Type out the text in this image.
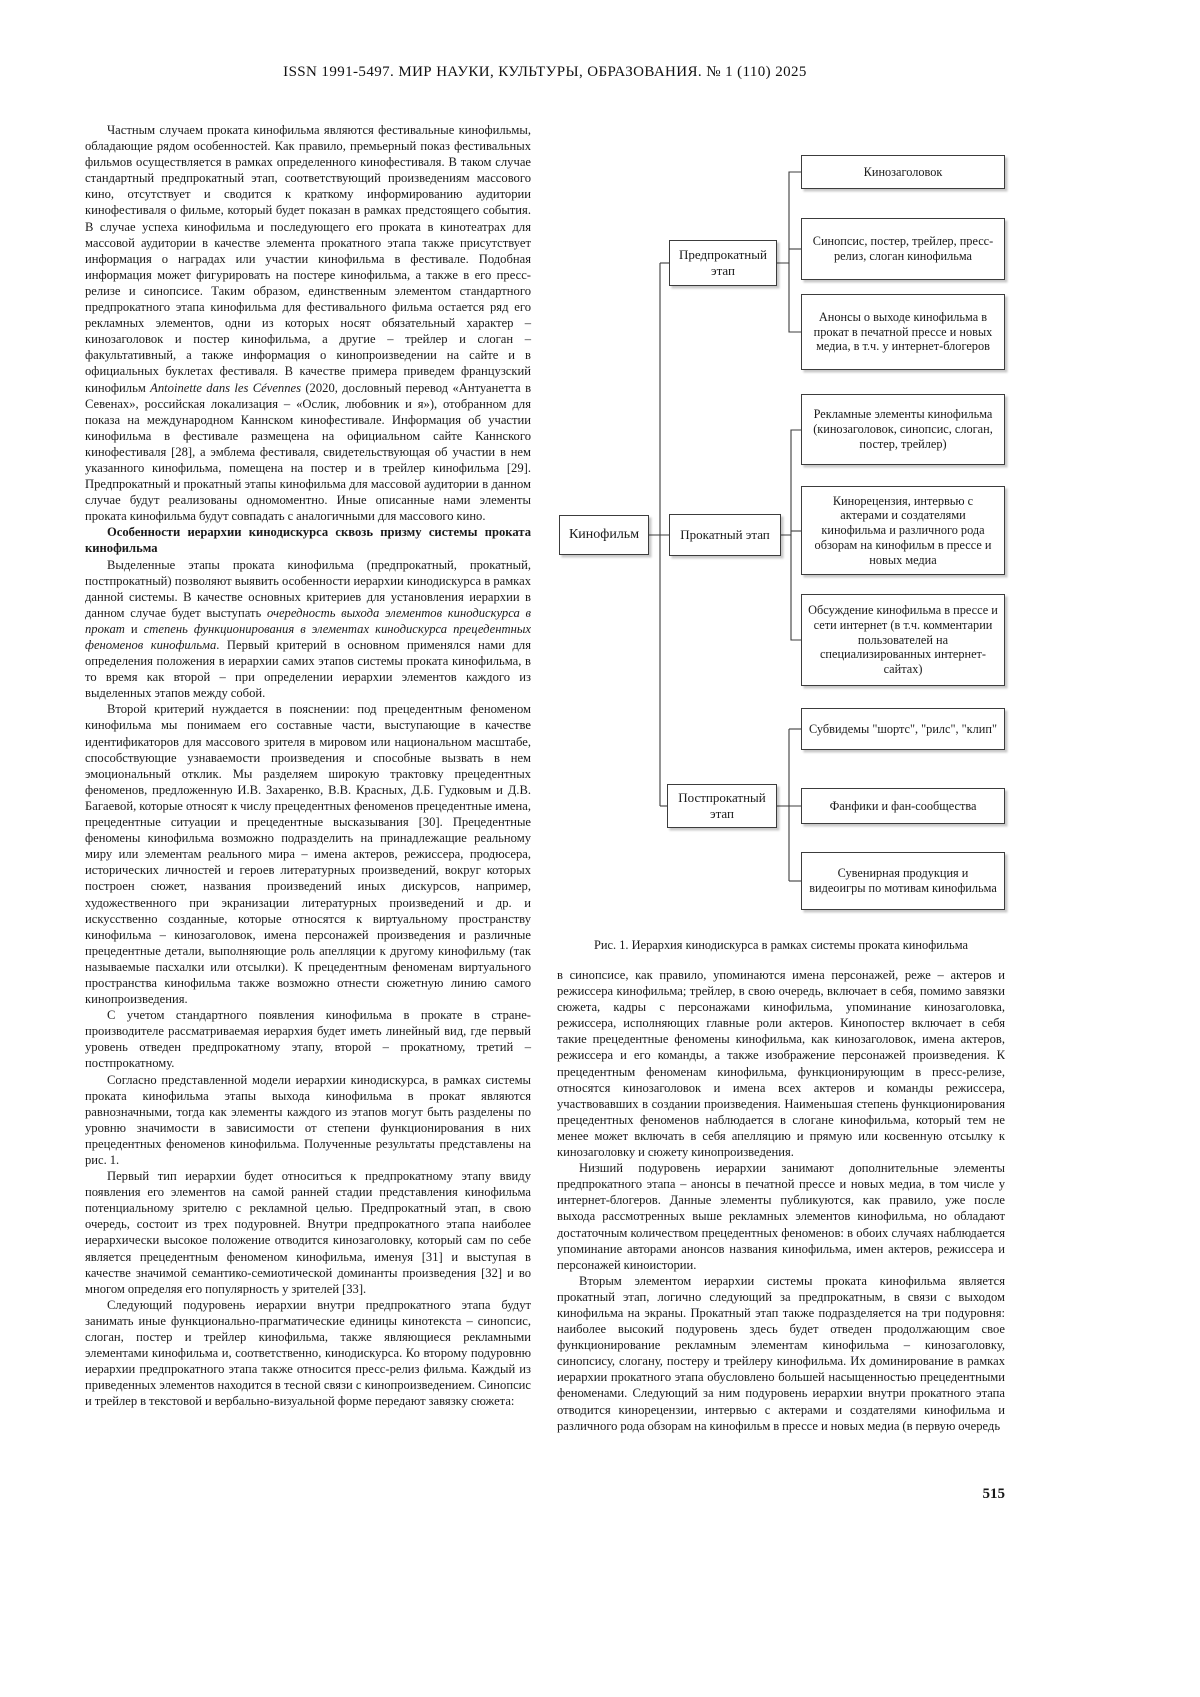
ISSN 1991-5497. МИР НАУКИ, КУЛЬТУРЫ, ОБРАЗОВАНИЯ. № 1 (110) 2025

Частным случаем проката кинофильма являются фестивальные кинофильмы, обладающие рядом особенностей. Как правило, премьерный показ фестивальных фильмов осуществляется в рамках определенного кинофестиваля. В таком случае стандартный предпрокатный этап, соответствующий произведениям массового кино, отсутствует и сводится к краткому информированию аудитории кинофестиваля о фильме, который будет показан в рамках предстоящего события. В случае успеха кинофильма и последующего его проката в кинотеатрах для массовой аудитории в качестве элемента прокатного этапа также присутствует информация о наградах или участии кинофильма в фестивале. Подобная информация может фигурировать на постере кинофильма, а также в его пресс-релизе и синопсисе. Таким образом, единственным элементом стандартного предпрокатного этапа кинофильма для фестивального фильма остается ряд его рекламных элементов, одни из которых носят обязательный характер – кинозаголовок и постер кинофильма, а другие – трейлер и слоган – факультативный, а также информация о кинопроизведении на сайте и в официальных буклетах фестиваля. В качестве примера приведем французский кинофильм Antoinette dans les Cévennes (2020, дословный перевод «Антуанетта в Севенах», российская локализация – «Ослик, любовник и я»), отобранном для показа на международном Каннском кинофестивале. Информация об участии кинофильма в фестивале размещена на официальном сайте Каннского кинофестиваля [28], а эмблема фестиваля, свидетельствующая об участии в нем указанного кинофильма, помещена на постер и в трейлер кинофильма [29]. Предпрокатный и прокатный этапы кинофильма для массовой аудитории в данном случае будут реализованы одномоментно. Иные описанные нами элементы проката кинофильма будут совпадать с аналогичными для массового кино.

Особенности иерархии кинодискурса сквозь призму системы проката кинофильма

Выделенные этапы проката кинофильма (предпрокатный, прокатный, постпрокатный) позволяют выявить особенности иерархии кинодискурса в рамках данной системы. В качестве основных критериев для установления иерархии в данном случае будет выступать очередность выхода элементов кинодискурса в прокат и степень функционирования в элементах кинодискурса прецедентных феноменов кинофильма. Первый критерий в основном применялся нами для определения положения в иерархии самих этапов системы проката кинофильма, в то время как второй – при определении иерархии элементов каждого из выделенных этапов между собой.

Второй критерий нуждается в пояснении: под прецедентным феноменом кинофильма мы понимаем его составные части, выступающие в качестве идентификаторов для массового зрителя в мировом или национальном масштабе, способствующие узнаваемости произведения и способные вызвать в нем эмоциональный отклик. Мы разделяем широкую трактовку прецедентных феноменов, предложенную И.В. Захаренко, В.В. Красных, Д.Б. Гудковым и Д.В. Багаевой, которые относят к числу прецедентных феноменов прецедентные имена, прецедентные ситуации и прецедентные высказывания [30]. Прецедентные феномены кинофильма возможно подразделить на принадлежащие реальному миру или элементам реального мира – имена актеров, режиссера, продюсера, исторических личностей и героев литературных произведений, вокруг которых построен сюжет, названия произведений иных дискурсов, например, художественного при экранизации литературных произведений и др. и искусственно созданные, которые относятся к виртуальному пространству кинофильма – кинозаголовок, имена персонажей произведения и различные прецедентные детали, выполняющие роль апелляции к другому кинофильму (так называемые пасхалки или отсылки). К прецедентным феноменам виртуального пространства кинофильма также возможно отнести сюжетную линию самого кинопроизведения.

С учетом стандартного появления кинофильма в прокате в стране-производителе рассматриваемая иерархия будет иметь линейный вид, где первый уровень отведен предпрокатному этапу, второй – прокатному, третий – постпрокатному.

Согласно представленной модели иерархии кинодискурса, в рамках системы проката кинофильма этапы выхода кинофильма в прокат являются равнозначными, тогда как элементы каждого из этапов могут быть разделены по уровню значимости в зависимости от степени функционирования в них прецедентных феноменов кинофильма. Полученные результаты представлены на рис. 1.

Первый тип иерархии будет относиться к предпрокатному этапу ввиду появления его элементов на самой ранней стадии представления кинофильма потенциальному зрителю с рекламной целью. Предпрокатный этап, в свою очередь, состоит из трех подуровней. Внутри предпрокатного этапа наиболее иерархически высокое положение отводится кинозаголовку, который сам по себе является прецедентным феноменом кинофильма, именуя [31] и выступая в качестве значимой семантико-семиотической доминанты произведения [32] и во многом определяя его популярность у зрителей [33].

Следующий подуровень иерархии внутри предпрокатного этапа будут занимать иные функционально-прагматические единицы кинотекста – синопсис, слоган, постер и трейлер кинофильма, также являющиеся рекламными элементами кинофильма и, соответственно, кинодискурса. Ко второму подуровню иерархии предпрокатного этапа также относится пресс-релиз фильма. Каждый из приведенных элементов находится в тесной связи с кинопроизведением. Синопсис и трейлер в текстовой и вербально-визуальной форме передают завязку сюжета:

Кинофильм
Предпрокатный этап
Прокатный этап
Постпрокатный этап
Кинозаголовок
Синопсис, постер, трейлер, пресс-релиз, слоган кинофильма
Анонсы о выходе кинофильма в прокат в печатной прессе и новых медиа, в т.ч. у интернет-блогеров
Рекламные элементы кинофильма (кинозаголовок, синопсис, слоган, постер, трейлер)
Кинорецензия, интервью с актерами и создателями кинофильма и различного рода обзорам на кинофильм в прессе и новых медиа
Обсуждение кинофильма в прессе и сети интернет (в т.ч. комментарии пользователей на специализированных интернет-сайтах)
Субвидемы "шортс", "рилс", "клип"
Фанфики и фан-сообщества
Сувенирная продукция и видеоигры по мотивам кинофильма
Рис. 1. Иерархия кинодискурса в рамках системы проката кинофильма

в синопсисе, как правило, упоминаются имена персонажей, реже – актеров и режиссера кинофильма; трейлер, в свою очередь, включает в себя, помимо завязки сюжета, кадры с персонажами кинофильма, упоминание кинозаголовка, режиссера, исполняющих главные роли актеров. Кинопостер включает в себя такие прецедентные феномены кинофильма, как кинозаголовок, имена актеров, режиссера и его команды, а также изображение персонажей произведения. К прецедентным феноменам кинофильма, функционирующим в пресс-релизе, относятся кинозаголовок и имена всех актеров и команды режиссера, участвовавших в создании произведения. Наименьшая степень функционирования прецедентных феноменов наблюдается в слогане кинофильма, который тем не менее может включать в себя апелляцию и прямую или косвенную отсылку к кинозаголовку и сюжету кинопроизведения.

Низший подуровень иерархии занимают дополнительные элементы предпрокатного этапа – анонсы в печатной прессе и новых медиа, в том числе у интернет-блогеров. Данные элементы публикуются, как правило, уже после выхода рассмотренных выше рекламных элементов кинофильма, но обладают достаточным количеством прецедентных феноменов: в обоих случаях наблюдается упоминание авторами анонсов названия кинофильма, имен актеров, режиссера и персонажей киноистории.

Вторым элементом иерархии системы проката кинофильма является прокатный этап, логично следующий за предпрокатным, в связи с выходом кинофильма на экраны. Прокатный этап также подразделяется на три подуровня: наиболее высокий подуровень здесь будет отведен продолжающим свое функционирование рекламным элементам кинофильма – кинозаголовку, синопсису, слогану, постеру и трейлеру кинофильма. Их доминирование в рамках иерархии прокатного этапа обусловлено большей насыщенностью прецедентными феноменами. Следующий за ним подуровень иерархии внутри прокатного этапа отводится кинорецензии, интервью с актерами и создателями кинофильма и различного рода обзорам на кинофильм в прессе и новых медиа (в первую очередь

515
